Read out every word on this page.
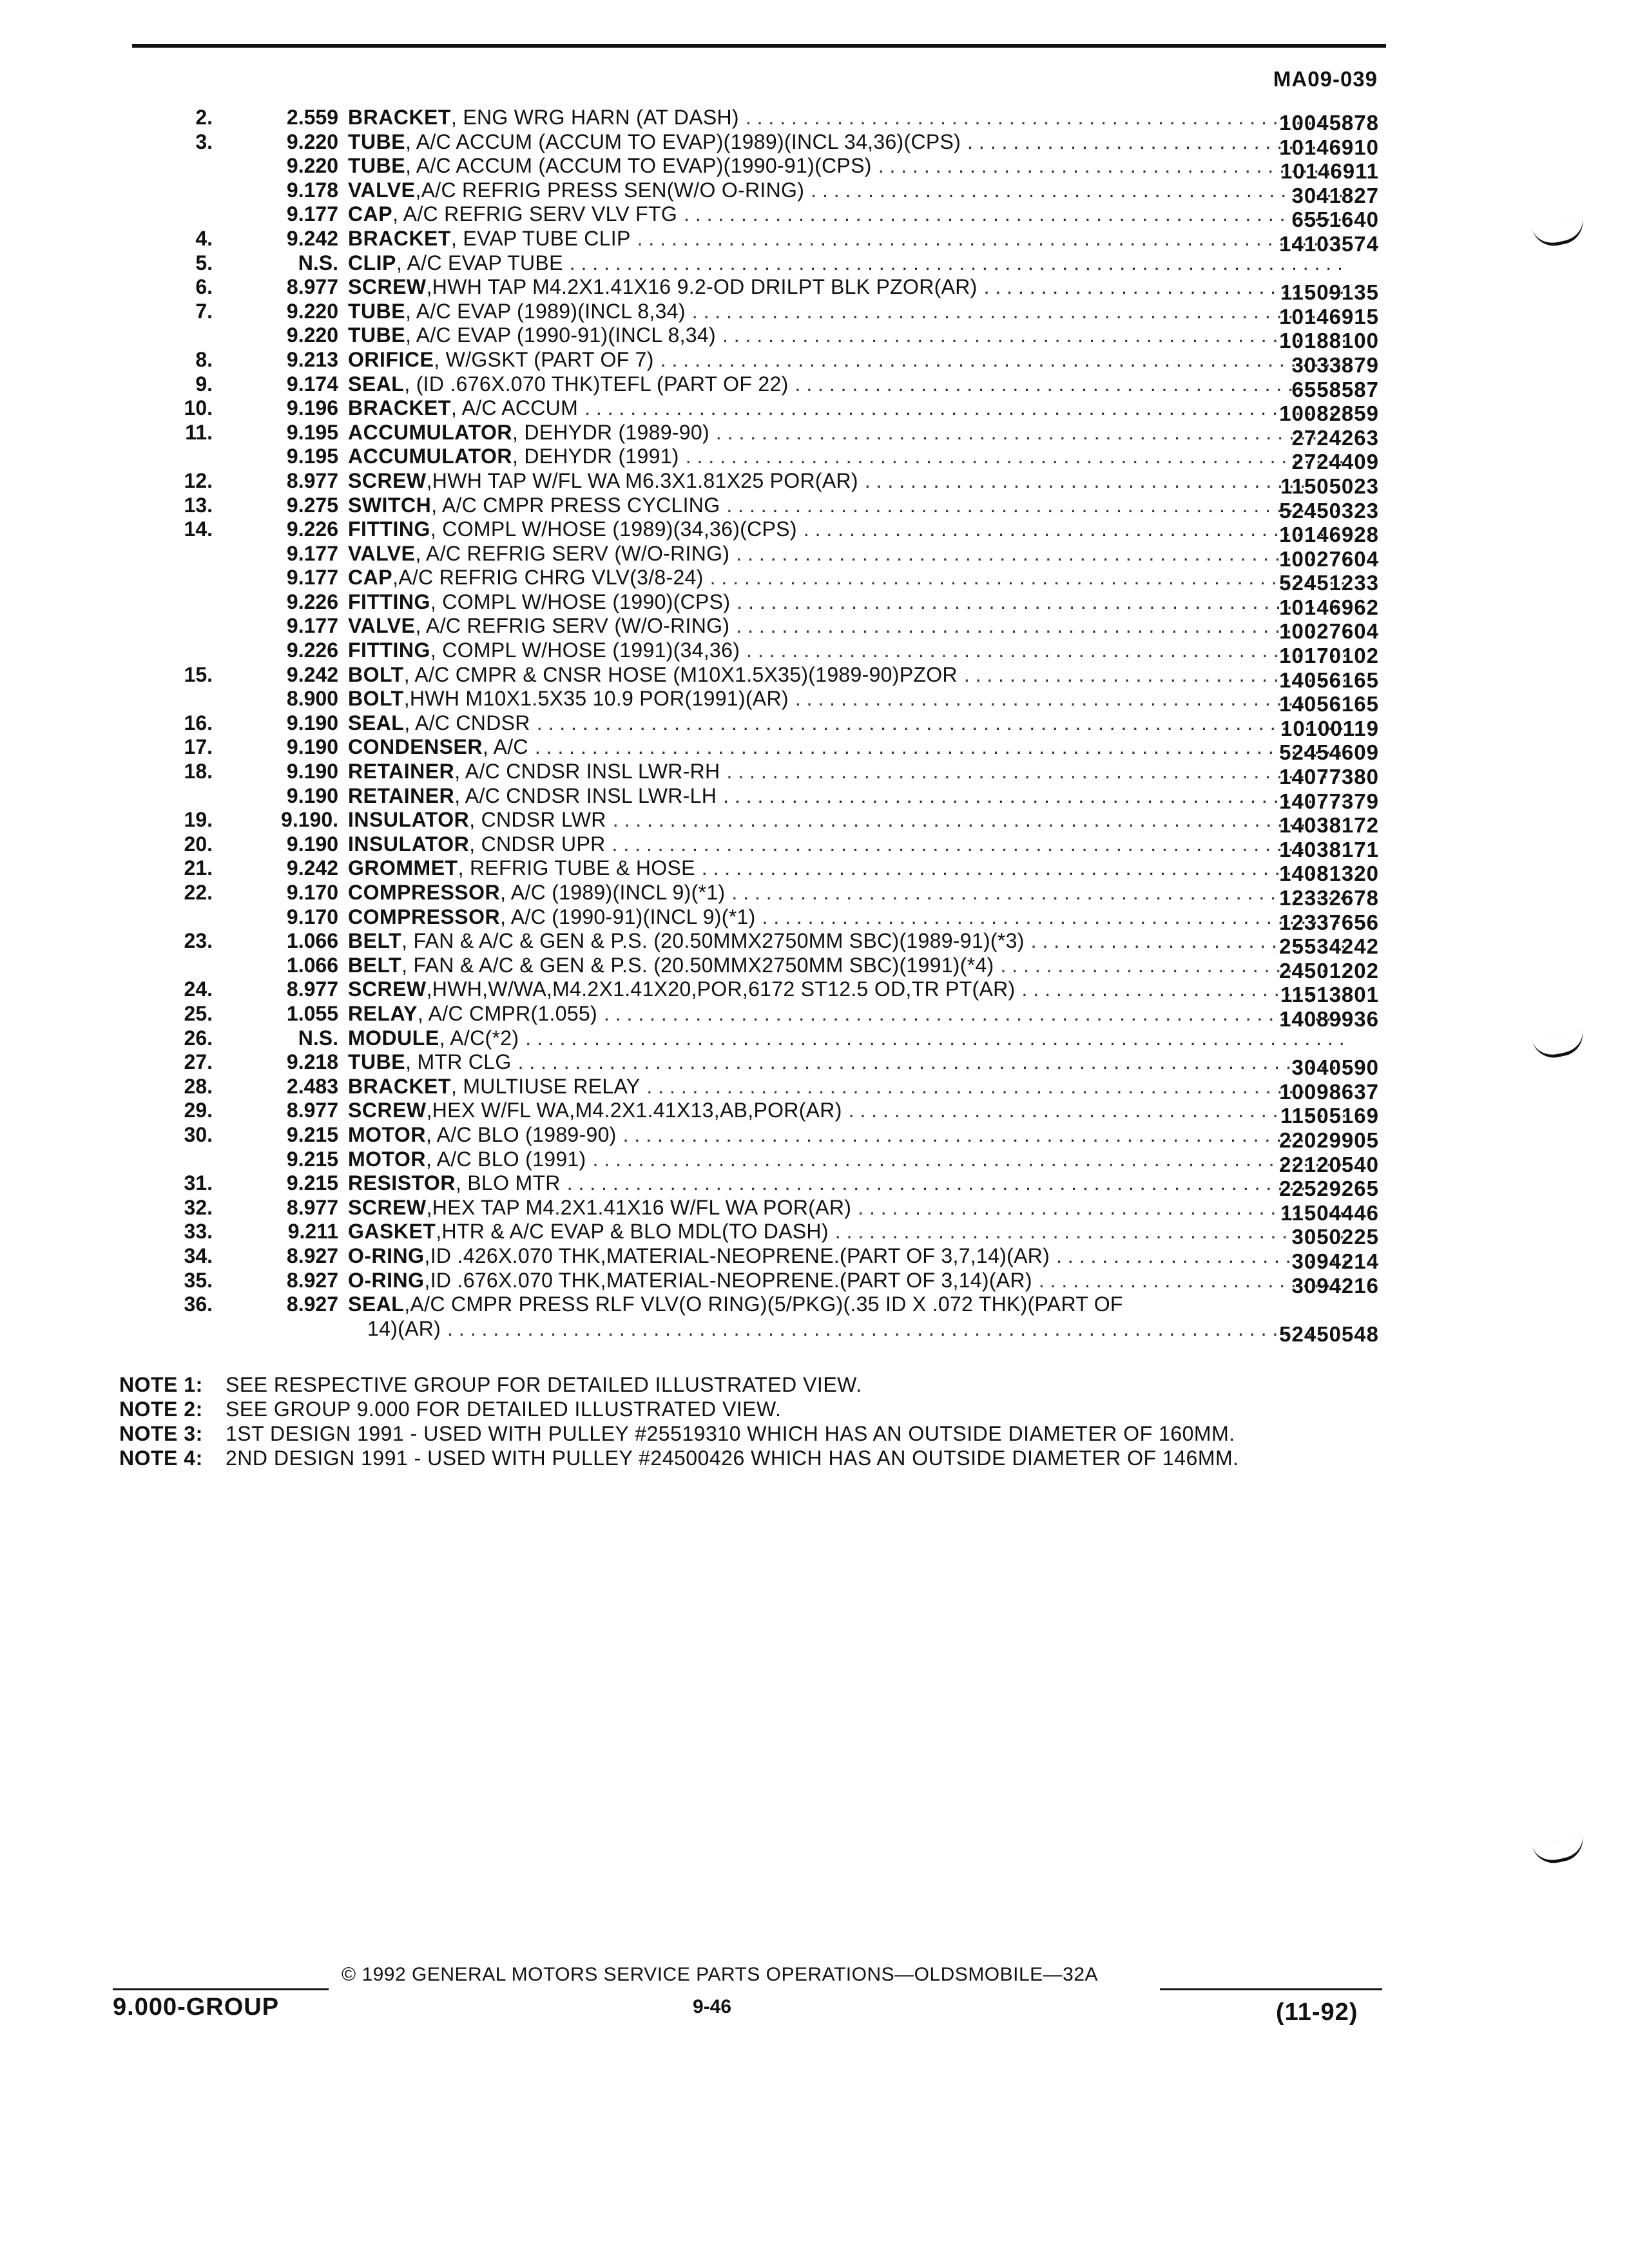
MA09-039
2.	2.559 BRACKET , ENG WRG HARN (AT DASH) . . .	10045878
3.	9.220 TUBE , A/C ACCUM (ACCUM TO EVAP)(1989)(INCL 34,36)(CPS) . . .	10146910
9.220 TUBE , A/C ACCUM (ACCUM TO EVAP)(1990-91)(CPS) . . .	10146911
9.178 VALVE ,A/C REFRIG PRESS SEN(W/O O-RING) . . .	3041827
9.177 CAP , A/C REFRIG SERV VLV FTG . . .	6551640
4.	9.242 BRACKET , EVAP TUBE CLIP . . .	14103574
5.	N.S. CLIP , A/C EVAP TUBE
. . .
6.	8.977 SCREW ,HWH TAP M4.2X1.41X16 9.2-OD DRILPT BLK PZOR(AR) . . .	11509135
7.	9.220 TUBE , A/C EVAP (1989)(INCL 8,34) . . .	10146915
9.220 TUBE , A/C EVAP (1990-91)(INCL 8,34) . . .	10188100
8.	9.213 ORIFICE , W/GSKT (PART OF 7) . . .	3033879
9.	9.174 SEAL , (ID .676X.070 THK)TEFL (PART OF 22) . . .	6558587
10.	9.196 BRACKET , A/C ACCUM . . .	10082859
11.	9.195 ACCUMULATOR , DEHYDR (1989-90) . . .	2724263
9.195 ACCUMULATOR , DEHYDR (1991) . . .	2724409
12.	8.977 SCREW ,HWH TAP W/FL WA M6.3X1.81X25 POR(AR) . . .	11505023
13.	9.275 SWITCH , A/C CMPR PRESS CYCLING . . .	52450323
14.	9.226 FITTING , COMPL W/HOSE (1989)(34,36)(CPS) . . .	10146928
9.177 VALVE , A/C REFRIG SERV (W/O-RING) . . .	10027604
9.177 CAP ,A/C REFRIG CHRG VLV(3/8-24) . . .	52451233
9.226 FITTING , COMPL W/HOSE (1990)(CPS) . . .	10146962
9.177 VALVE , A/C REFRIG SERV (W/O-RING) . . .	10027604
9.226 FITTING , COMPL W/HOSE (1991)(34,36) . . .	10170102
15.	9.242 BOLT , A/C CMPR & CNSR HOSE (M10X1.5X35)(1989-90)PZOR . . .	14056165
8.900 BOLT ,HWH M10X1.5X35 10.9 POR(1991)(AR) . . .	14056165
16.	9.190 SEAL , A/C CNDSR . . .	10100119
17.	9.190 CONDENSER , A/C . . .	52454609
18.	9.190 RETAINER , A/C CNDSR INSL LWR-RH . . .	14077380
9.190 RETAINER , A/C CNDSR INSL LWR-LH . . .	14077379
19.	9.190. INSULATOR , CNDSR LWR . . .	14038172
20.	9.190 INSULATOR , CNDSR UPR . . .	14038171
21.	9.242 GROMMET , REFRIG TUBE & HOSE . . .	14081320
22.	9.170 COMPRESSOR , A/C (1989)(INCL 9)(*1) . . .	12332678
9.170 COMPRESSOR , A/C (1990-91)(INCL 9)(*1) . . .	12337656
23.	1.066 BELT , FAN & A/C & GEN & P.S. (20.50MMX2750MM SBC)(1989-91)(*3) . . .	25534242
1.066 BELT , FAN & A/C & GEN & P.S. (20.50MMX2750MM SBC)(1991)(*4) . . .	24501202
24.	8.977 SCREW ,HWH,W/WA,M4.2X1.41X20,POR,6172 ST12.5 OD,TR PT(AR) . . .	11513801
25.	1.055 RELAY , A/C CMPR(1.055) . . .	14089936
26.	N.S. MODULE , A/C(*2)
. . .
27.	9.218 TUBE , MTR CLG . . .	3040590
28.	2.483 BRACKET , MULTIUSE RELAY . . .	10098637
29.	8.977 SCREW ,HEX W/FL WA,M4.2X1.41X13,AB,POR(AR) . . .	11505169
30.	9.215 MOTOR , A/C BLO (1989-90) . . .	22029905
9.215 MOTOR , A/C BLO (1991) . . .	22120540
31.	9.215 RESISTOR , BLO MTR . . .	22529265
32.	8.977 SCREW ,HEX TAP M4.2X1.41X16 W/FL WA POR(AR) . . .	11504446
33.	9.211 GASKET ,HTR & A/C EVAP & BLO MDL(TO DASH) . . .	3050225
34.	8.927 O-RING ,ID .426X.070 THK,MATERIAL-NEOPRENE.(PART OF 3,7,14)(AR) . . .	3094214
35.	8.927 O-RING ,ID .676X.070 THK,MATERIAL-NEOPRENE.(PART OF 3,14)(AR) . . .	3094216
36.	8.927 SEAL ,A/C CMPR PRESS RLF VLV(O RING)(5/PKG)(.35 ID X .072 THK)(PART OF
14)(AR) . . .	52450548
NOTE 1:	SEE RESPECTIVE GROUP FOR DETAILED ILLUSTRATED VIEW.
NOTE 2:	SEE GROUP 9.000 FOR DETAILED ILLUSTRATED VIEW.
NOTE 3:	1ST DESIGN 1991 - USED WITH PULLEY #25519310 WHICH HAS AN OUTSIDE DIAMETER OF 160MM.
NOTE 4:	2ND DESIGN 1991 - USED WITH PULLEY #24500426 WHICH HAS AN OUTSIDE DIAMETER OF 146MM.
9.000-GROUP
© 1992 GENERAL MOTORS SERVICE PARTS OPERATIONS—OLDSMOBILE—32A
9-46	(11-92)
